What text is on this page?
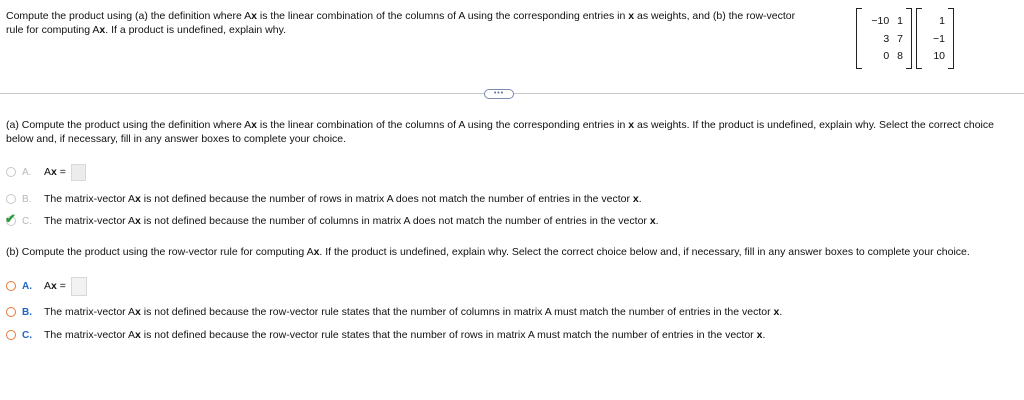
Compute the product using (a) the definition where Ax is the linear combination of the columns of A using the corresponding entries in x as weights, and (b) the row-vector rule for computing Ax. If a product is undefined, explain why.
−10 1
3 7
0 8
1
−1
10
•••
(a) Compute the product using the definition where Ax is the linear combination of the columns of A using the corresponding entries in x as weights. If the product is undefined, explain why. Select the correct choice below and, if necessary, fill in any answer boxes to complete your choice.
A.	Ax =
B.	The matrix-vector Ax is not defined because the number of rows in matrix A does not match the number of entries in the vector x.
✔ C.	The matrix-vector Ax is not defined because the number of columns in matrix A does not match the number of entries in the vector x.
(b) Compute the product using the row-vector rule for computing Ax. If the product is undefined, explain why. Select the correct choice below and, if necessary, fill in any answer boxes to complete your choice.
A.	Ax =
B.	The matrix-vector Ax is not defined because the row-vector rule states that the number of columns in matrix A must match the number of entries in the vector x.
C.	The matrix-vector Ax is not defined because the row-vector rule states that the number of rows in matrix A must match the number of entries in the vector x.
